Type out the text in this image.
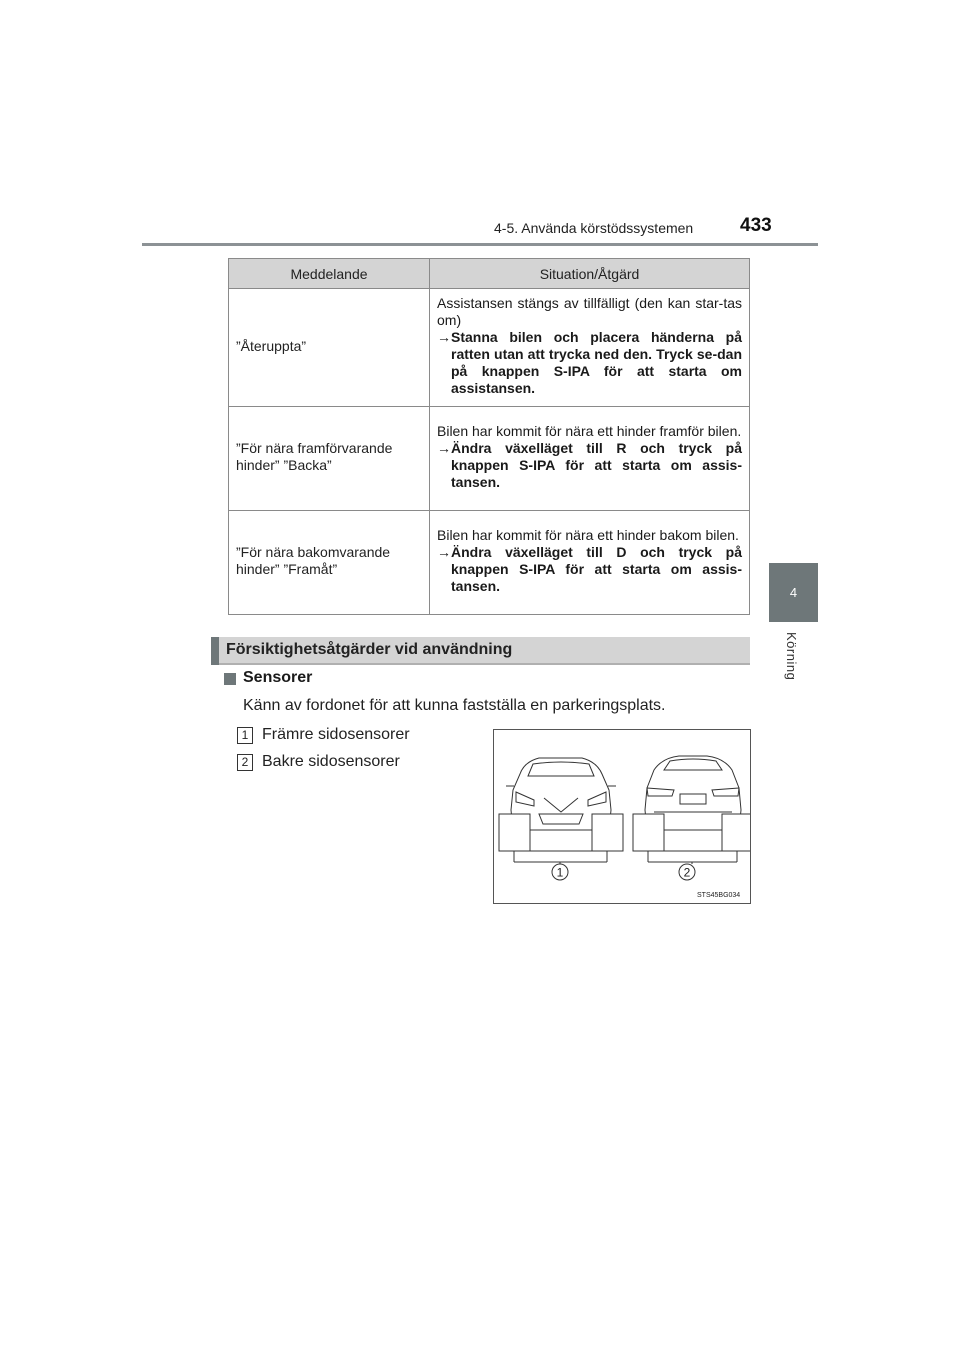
4-5. Använda körstödssystemen 433
4
Körning
Meddelande	Situation/Åtgärd
”Återuppta”	Assistansen stängs av tillfälligt (den kan star-tas om)
→ Stanna bilen och placera händerna på ratten utan att trycka ned den. Tryck se-dan på knappen S-IPA för att starta om assistansen.

”För nära framförvarande hinder” ”Backa”	Bilen har kommit för nära ett hinder framför bilen.
→ Ändra växelläget till R och tryck på knappen S-IPA för att starta om assis-tansen.

”För nära bakomvarande hinder” ”Framåt”	Bilen har kommit för nära ett hinder bakom bilen.
→ Ändra växelläget till D och tryck på knappen S-IPA för att starta om assis-tansen.
Försiktighetsåtgärder vid användning
Sensorer
Känn av fordonet för att kunna fastställa en parkeringsplats.
1 Främre sidosensorer
2 Bakre sidosensorer
1	2
STS45BG034
